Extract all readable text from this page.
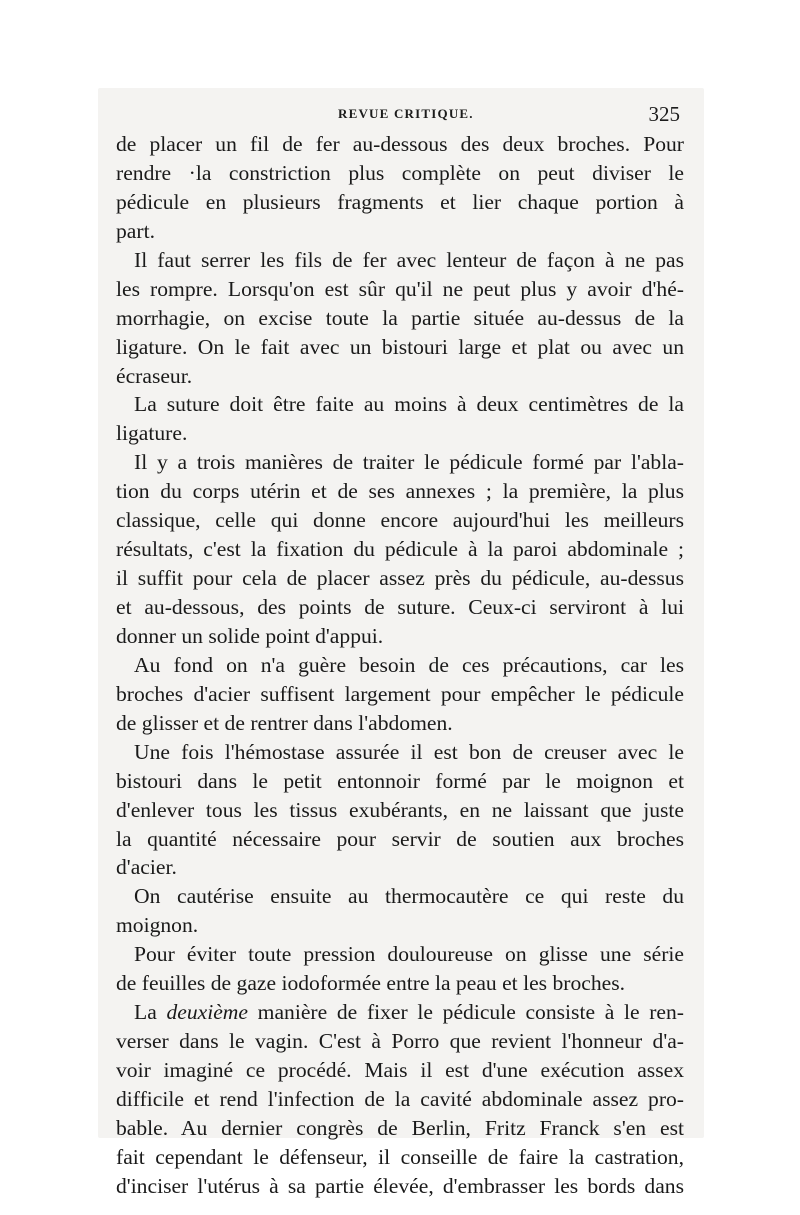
REVUE CRITIQUE.	325
de placer un fil de fer au-dessous des deux broches. Pour
rendre ·la constriction plus complète on peut diviser le
pédicule en plusieurs fragments et lier chaque portion à
part.
Il faut serrer les fils de fer avec lenteur de façon à ne pas
les rompre. Lorsqu'on est sûr qu'il ne peut plus y avoir d'hé-
morrhagie, on excise toute la partie située au-dessus de la
ligature. On le fait avec un bistouri large et plat ou avec un
écraseur.
La suture doit être faite au moins à deux centimètres de la
ligature.
Il y a trois manières de traiter le pédicule formé par l'abla-
tion du corps utérin et de ses annexes ; la première, la plus
classique, celle qui donne encore aujourd'hui les meilleurs
résultats, c'est la fixation du pédicule à la paroi abdominale ;
il suffit pour cela de placer assez près du pédicule, au-dessus
et au-dessous, des points de suture. Ceux-ci serviront à lui
donner un solide point d'appui.
Au fond on n'a guère besoin de ces précautions, car les
broches d'acier suffisent largement pour empêcher le pédicule
de glisser et de rentrer dans l'abdomen.
Une fois l'hémostase assurée il est bon de creuser avec le
bistouri dans le petit entonnoir formé par le moignon et
d'enlever tous les tissus exubérants, en ne laissant que juste
la quantité nécessaire pour servir de soutien aux broches
d'acier.
On cautérise ensuite au thermocautère ce qui reste du
moignon.
Pour éviter toute pression douloureuse on glisse une série
de feuilles de gaze iodoformée entre la peau et les broches.
La deuxième manière de fixer le pédicule consiste à le ren-
verser dans le vagin. C'est à Porro que revient l'honneur d'a-
voir imaginé ce procédé. Mais il est d'une exécution assex
difficile et rend l'infection de la cavité abdominale assez pro-
bable. Au dernier congrès de Berlin, Fritz Franck s'en est
fait cependant le défenseur, il conseille de faire la castration,
d'inciser l'utérus à sa partie élevée, d'embrasser les bords dans
